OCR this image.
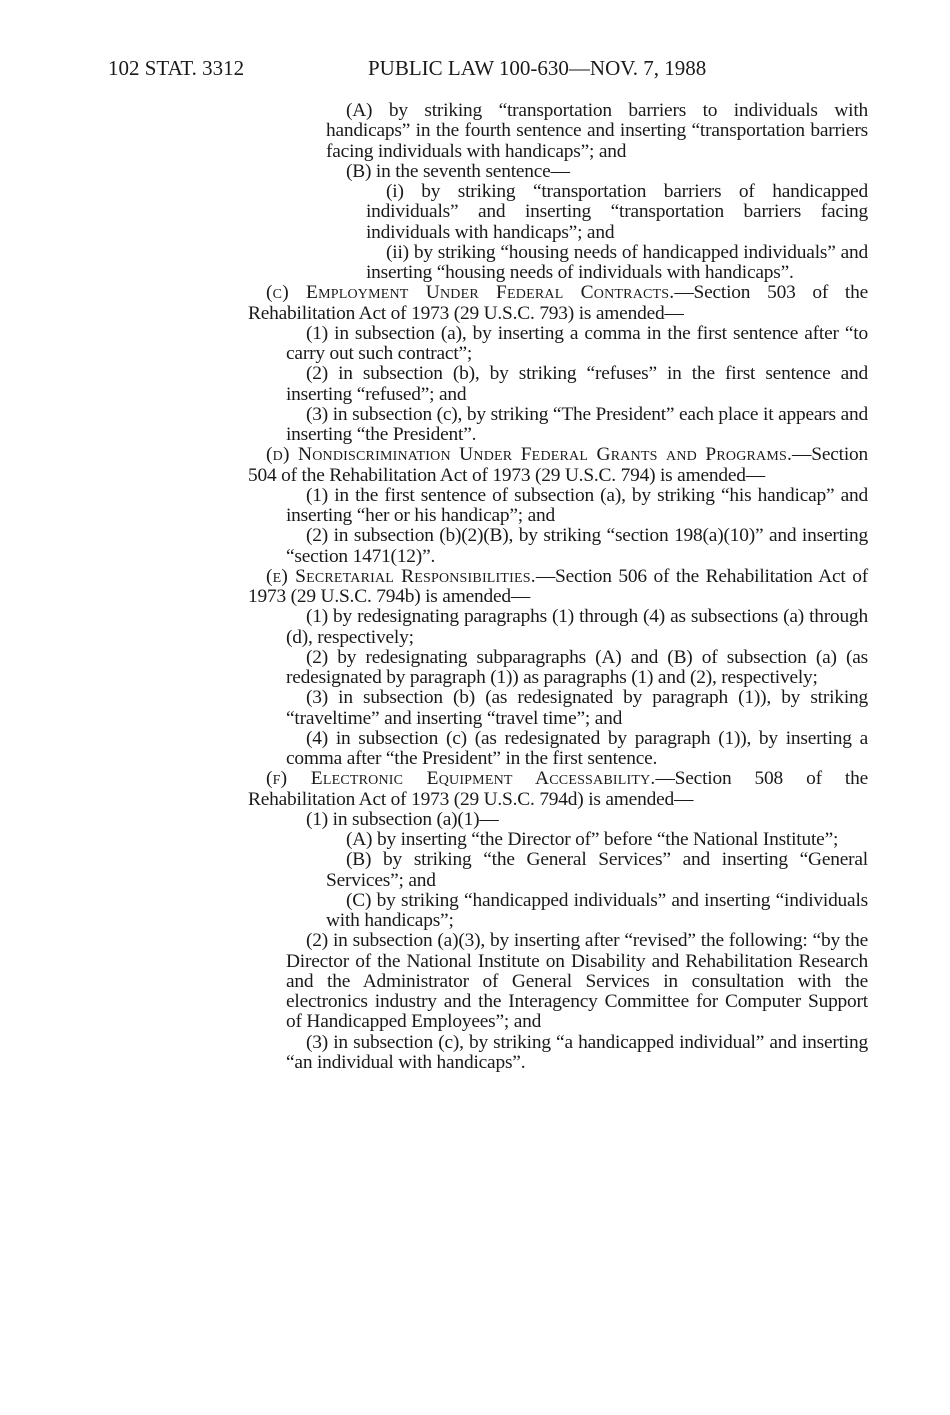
102 STAT. 3312	PUBLIC LAW 100-630—NOV. 7, 1988

(A) by striking “transportation barriers to individuals with handicaps” in the fourth sentence and inserting “transportation barriers facing individuals with handicaps”; and

(B) in the seventh sentence—

(i) by striking “transportation barriers of handicapped individuals” and inserting “transportation barriers facing individuals with handicaps”; and

(ii) by striking “housing needs of handicapped individuals” and inserting “housing needs of individuals with handicaps”.

(c) Employment Under Federal Contracts.—Section 503 of the Rehabilitation Act of 1973 (29 U.S.C. 793) is amended—

(1) in subsection (a), by inserting a comma in the first sentence after “to carry out such contract”;

(2) in subsection (b), by striking “refuses” in the first sentence and inserting “refused”; and

(3) in subsection (c), by striking “The President” each place it appears and inserting “the President”.

(d) Nondiscrimination Under Federal Grants and Programs.—Section 504 of the Rehabilitation Act of 1973 (29 U.S.C. 794) is amended—

(1) in the first sentence of subsection (a), by striking “his handicap” and inserting “her or his handicap”; and

(2) in subsection (b)(2)(B), by striking “section 198(a)(10)” and inserting “section 1471(12)”.

(e) Secretarial Responsibilities.—Section 506 of the Rehabilitation Act of 1973 (29 U.S.C. 794b) is amended—

(1) by redesignating paragraphs (1) through (4) as subsections (a) through (d), respectively;

(2) by redesignating subparagraphs (A) and (B) of subsection (a) (as redesignated by paragraph (1)) as paragraphs (1) and (2), respectively;

(3) in subsection (b) (as redesignated by paragraph (1)), by striking “traveltime” and inserting “travel time”; and

(4) in subsection (c) (as redesignated by paragraph (1)), by inserting a comma after “the President” in the first sentence.

(f) Electronic Equipment Accessability.—Section 508 of the Rehabilitation Act of 1973 (29 U.S.C. 794d) is amended—

(1) in subsection (a)(1)—

(A) by inserting “the Director of” before “the National Institute”;

(B) by striking “the General Services” and inserting “General Services”; and

(C) by striking “handicapped individuals” and inserting “individuals with handicaps”;

(2) in subsection (a)(3), by inserting after “revised” the following: “by the Director of the National Institute on Disability and Rehabilitation Research and the Administrator of General Services in consultation with the electronics industry and the Interagency Committee for Computer Support of Handicapped Employees”; and

(3) in subsection (c), by striking “a handicapped individual” and inserting “an individual with handicaps”.
